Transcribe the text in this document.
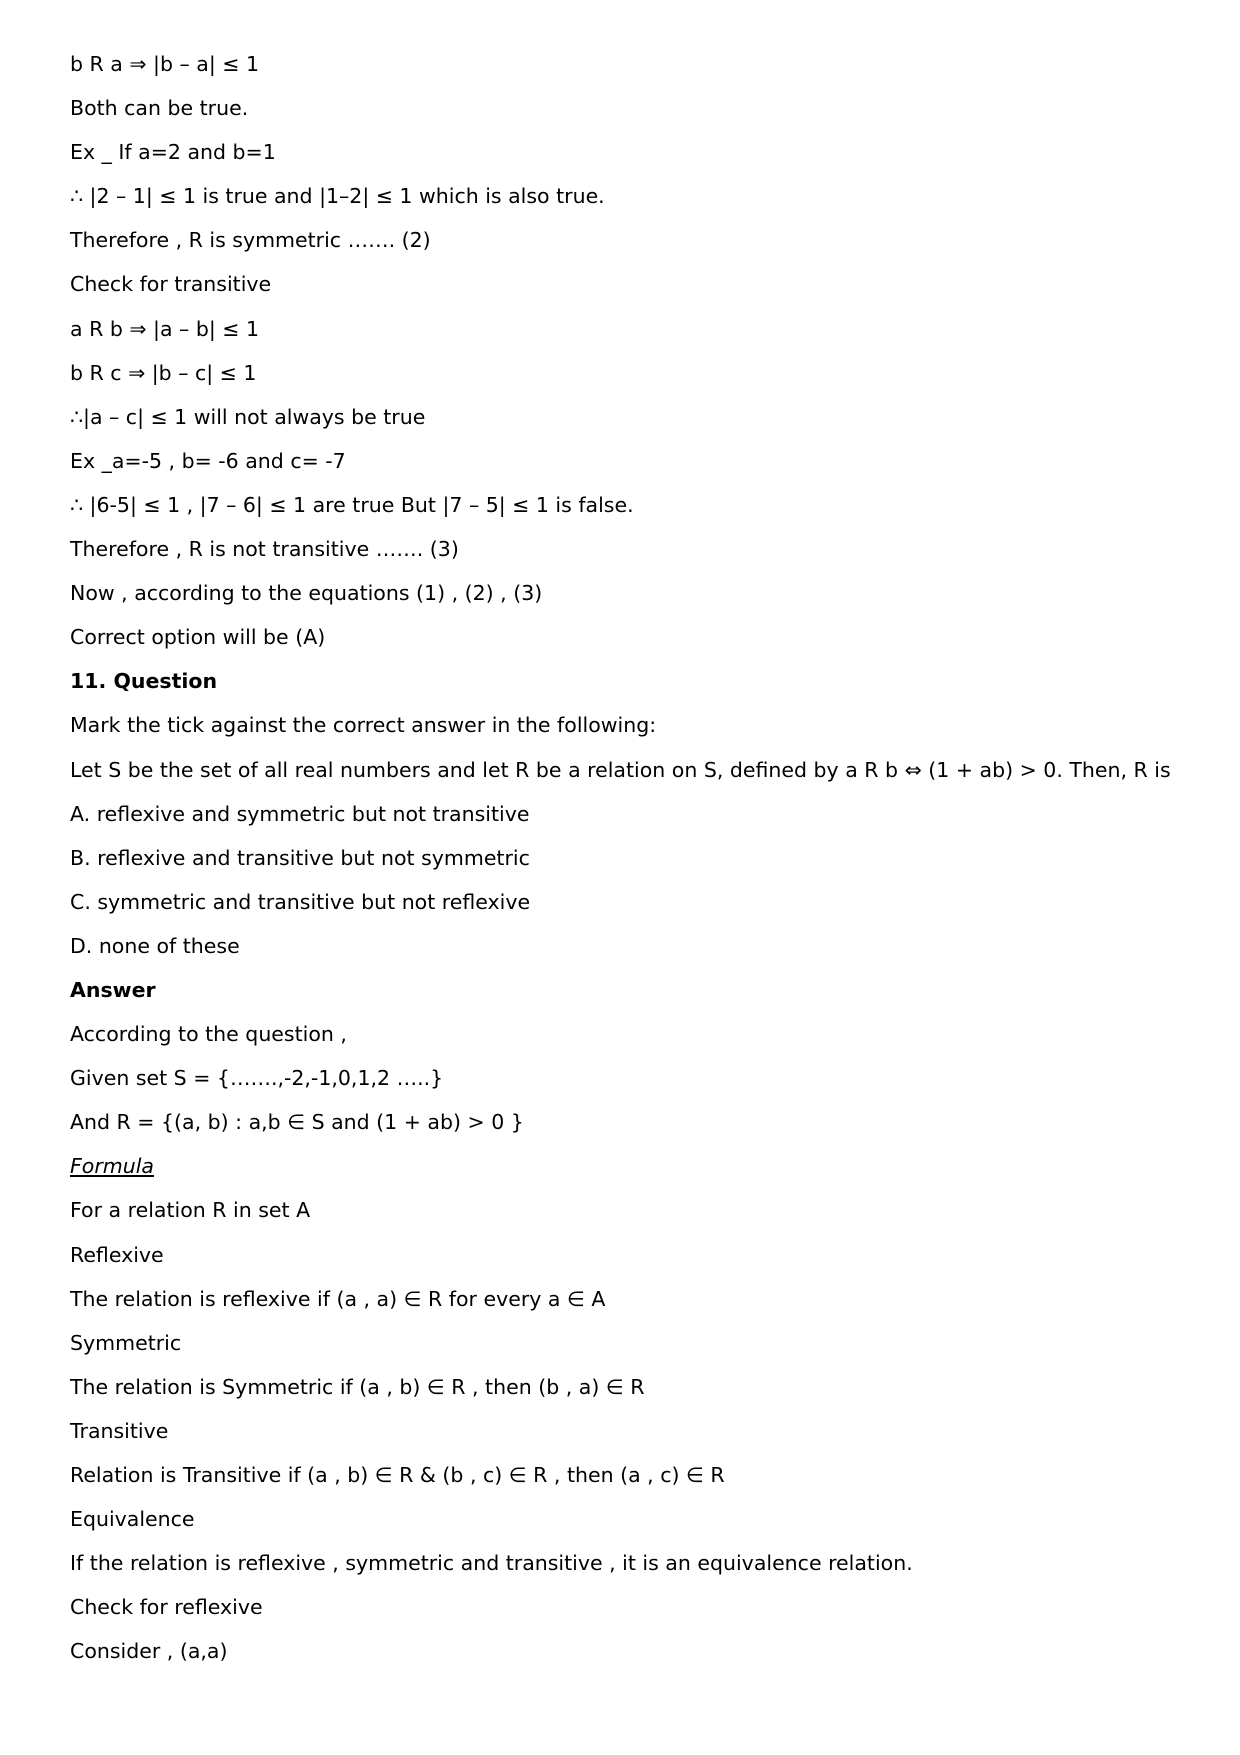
b R a ⇒ |b – a| ≤ 1
Both can be true.
Ex _ If a=2 and b=1
∴ |2 – 1| ≤ 1 is true and |1–2| ≤ 1 which is also true.
Therefore , R is symmetric ……. (2)
Check for transitive
a R b ⇒ |a – b| ≤ 1
b R c ⇒ |b – c| ≤ 1
∴|a – c| ≤ 1 will not always be true
Ex _a=-5 , b= -6 and c= -7
∴ |6-5| ≤ 1 , |7 – 6| ≤ 1 are true But |7 – 5| ≤ 1 is false.
Therefore , R is not transitive ……. (3)
Now , according to the equations (1) , (2) , (3)
Correct option will be (A)
11. Question
Mark the tick against the correct answer in the following:
Let S be the set of all real numbers and let R be a relation on S, defined by a R b ⇔ (1 + ab) > 0. Then, R is
A. reflexive and symmetric but not transitive
B. reflexive and transitive but not symmetric
C. symmetric and transitive but not reflexive
D. none of these
Answer
According to the question ,
Given set S = {…….,-2,-1,0,1,2 …..}
And R = {(a, b) : a,b ∈ S and (1 + ab) > 0 }
Formula
For a relation R in set A
Reflexive
The relation is reflexive if (a , a) ∈ R for every a ∈ A
Symmetric
The relation is Symmetric if (a , b) ∈ R , then (b , a) ∈ R
Transitive
Relation is Transitive if (a , b) ∈ R & (b , c) ∈ R , then (a , c) ∈ R
Equivalence
If the relation is reflexive , symmetric and transitive , it is an equivalence relation.
Check for reflexive
Consider , (a,a)
